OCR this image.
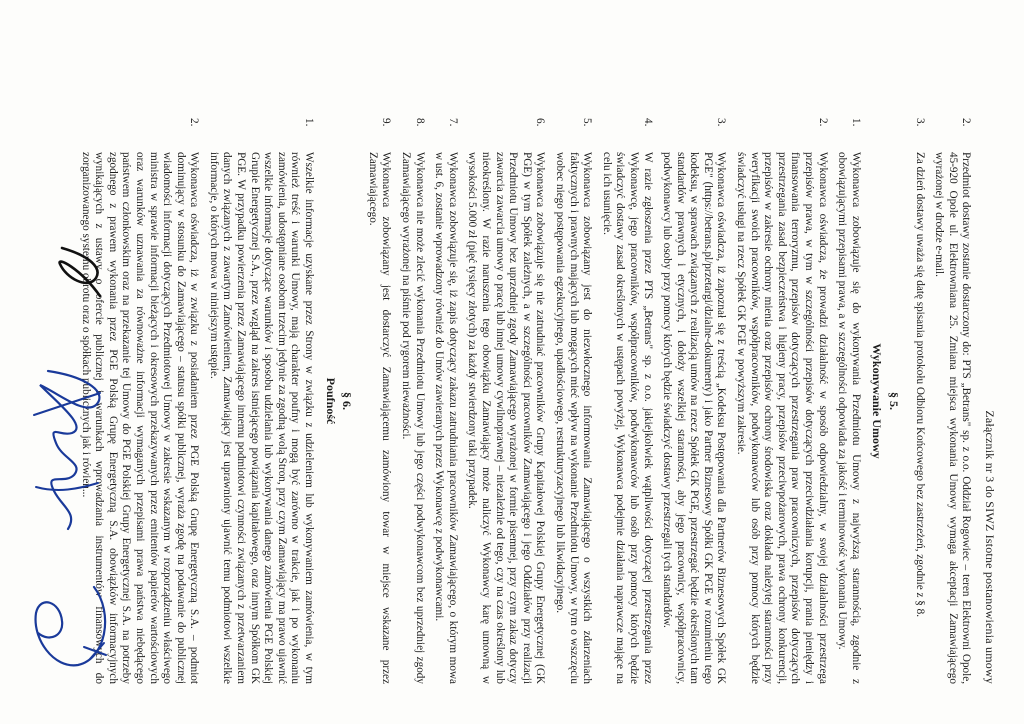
Załącznik nr 3 do SIWZ Istotne postanowienia umowy
2.
Przedmiot dostawy zostanie dostarczony do: PTS „Betrans" sp. z o.o. Oddział Rogowiec – teren Elektrowni Opole, 45-920 Opole ul. Elektrowniana 25. Zmiana miejsca wykonania Umowy wymaga akceptacji Zamawiającego wyrażonej w drodze e-mail.
3.
Za dzień dostawy uważa się datę spisania protokołu Odbioru Końcowego bez zastrzeżeń, zgodnie z § 8.
§ 5.
Wykonywanie Umowy
1.
Wykonawca zobowiązuje się do wykonywania Przedmiotu Umowy z najwyższą starannością, zgodnie z obowiązującymi przepisami prawa, a w szczególności odpowiada za jakość i terminowość wykonania Umowy.
2.
Wykonawca oświadcza, że prowadzi działalność w sposób odpowiedzialny, w swojej działalności przestrzega przepisów prawa, w tym w szczególności przepisów dotyczących przeciwdziałania korupcji, prania pieniędzy i finansowania terroryzmu, przepisów dotyczących przestrzegania praw pracowniczych, przepisów dotyczących przestrzegania zasad bezpieczeństwa i higieny pracy, przepisów przeciwpożarowych, prawa ochrony konkurencji, przepisów w zakresie ochrony mienia oraz przepisów ochrony środowiska oraz dokłada należytej staranności przy weryfikacji swoich pracowników, współpracowników, podwykonawców lub osób przy pomocy których będzie świadczyć usługi na rzecz Spółek GK PGE w powyższym zakresie.
3.
Wykonawca oświadcza, iż zapoznał się z treścią „Kodeksu Postępowania dla Partnerów Biznesowych Spółek GK PGE" (https://betrans.pl/przetargi/dzialne-dokumenty) i jako Partner Biznesowy Spółki GK PGE w rozumieniu tego kodeksu, w sprawach związanych z realizacją umów na rzecz Spółek GK PGE, przestrzegać będzie określonych tam standardów prawnych i etycznych, i dołoży wszelkiej staranności, aby jego pracownicy, współpracownicy, podwykonawcy lub osoby przy pomocy których będzie świadczyć dostawy przestrzegali tych standardów.
4.
W razie zgłoszenia przez PTS „Betrans" sp. z o.o. jakiejkolwiek wątpliwości dotyczącej przestrzegania przez Wykonawcę, jego pracowników, współpracowników, podwykonawców lub osób przy pomocy których będzie świadczyć dostawy zasad określonych w ustępach powyżej, Wykonawca podejmie działania naprawcze mające na celu ich usunięcie.
5.
Wykonawca zobowiązany jest do niezwłocznego informowania Zamawiającego o wszystkich zdarzeniach faktycznych i prawnych mających lub mogących mieć wpływ na wykonanie Przedmiotu Umowy, w tym o wszczęciu wobec niego postępowania egzekucyjnego, upadłościowego, restrukturyzacyjnego lub likwidacyjnego.
6.
Wykonawca zobowiązuje się nie zatrudniać pracowników Grupy Kapitałowej Polskiej Grupy Energetycznej (GK PGE) w tym Spółek zależnych, a w szczególności pracowników Zamawiającego i jego Oddziałów przy realizacji Przedmiotu Umowy bez uprzedniej zgody Zamawiającego wyrażonej w formie pisemnej, przy czym zakaz dotyczy zawarcia zawarcia umowy o pracę lub innej umowy cywilnoprawnej – niezależnie od tego, czy na czas określony lub nieokreślony. W razie naruszenia tego obowiązku Zamawiający może naliczyć Wykonawcy karę umowną w wysokości 5.000 zł (pięć tysięcy złotych) za każdy stwierdzony taki przypadek.
7.
Wykonawca zobowiązuje się, iż zapis dotyczący zakazu zatrudniania pracowników Zamawiającego, o którym mowa w ust. 6, zostanie wprowadzony również do Umów zawieranych przez Wykonawcę z podwykonawcami.
8.
Wykonawca nie może zlecić wykonania Przedmiotu Umowy lub jego części podwykonawcom bez uprzedniej zgody Zamawiającego wyrażonej na piśmie pod rygorem nieważności.
9.
Wykonawca zobowiązany jest dostarczyć Zamawiającemu zamówiony towar w miejsce wskazane przez Zamawiającego.
§ 6.
Poufność
1.
Wszelkie informacje uzyskane przez Strony w związku z udzieleniem lub wykonywaniem zamówienia, w tym również treść i warunki Umowy, mają charakter poufny i mogą być zarówno w trakcie, jak i po wykonaniu zamówienia, udostępniane osobom trzecim jedynie za zgodną wolą Stron, przy czym Zamawiający ma prawo ujawnić wszelkie informacje dotyczące warunków i sposobu udzielania lub wykonywania danego zamówienia PGE Polskiej Grupie Energetycznej S.A., przez wzgląd na zakres istniejącego powiązania kapitałowego, oraz innym Spółkom GK PGE. W przypadku powierzenia przez Zamawiającego innemu podmiotowi czynności związanych z przetwarzaniem danych związanych z zawartym Zamówieniem, Zamawiający jest uprawniony ujawnić temu podmiotowi wszelkie informacje, o których mowa w niniejszym ustępie.
2.
Wykonawca oświadcza, iż w związku z posiadaniem przez PGE Polską Grupę Energetyczną S.A. – podmiot dominujący w stosunku do Zamawiającego – statusu spółki publicznej, wyraża zgodę na podawanie do publicznej wiadomości informacji dotyczących Przedmiotowej Umowy w zakresie wskazanym w rozporządzeniu właściwego ministra w sprawie informacji bieżących i okresowych przekazywanych przez emitentów papierów wartościowych oraz warunków uznawania za równoważne informacji wymaganych przepisami prawa państwa niebędącego państwem członkowskim oraz na przekazanie tej Umowy do PGE Polskiej Grupy Energetycznej S.A. na potrzeby zgodnego z prawem wykonania przez PGE Polską Grupę Energetyczną S.A. obowiązków informacyjnych wynikających z ustawy o ofercie publicznej i warunkach wprowadzania instrumentów finansowych do zorganizowanego systemu obrotu oraz o spółkach publicznych jak i rówien...
